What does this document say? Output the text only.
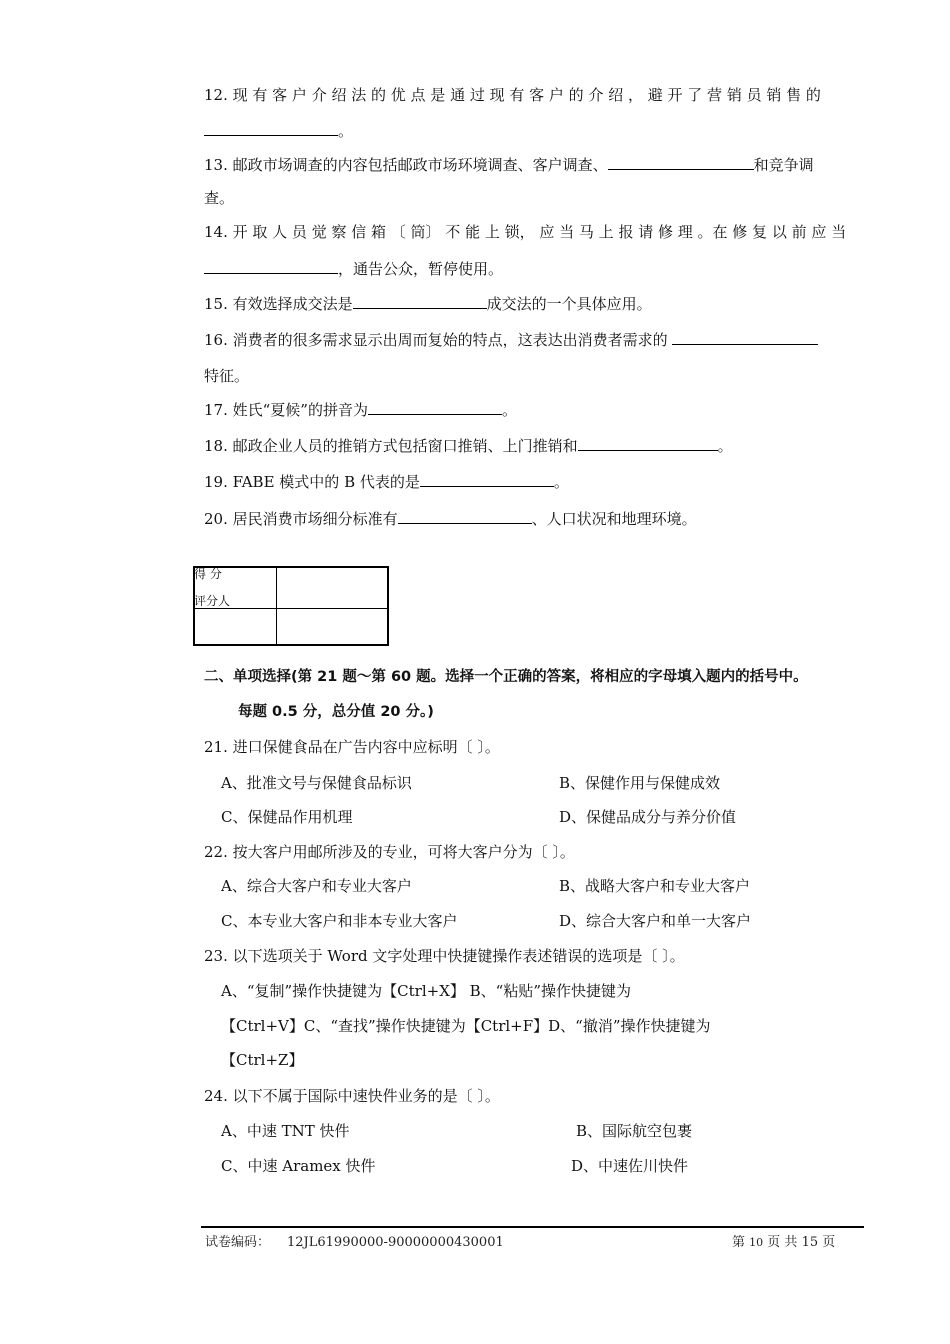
12. 现 有 客 户 介 绍 法 的 优 点 是 通 过 现 有 客 户 的 介 绍 ， 避 开 了 营 销 员 销 售 的
。
13. 邮政市场调查的内容包括邮政市场环境调查、客户调查、	和竞争调
查。
14. 开 取 人 员 觉 察 信 箱 〔 筒〕 不 能 上 锁， 应 当 马 上 报 请 修 理 。在 修 复 以 前 应 当
，通告公众，暂停使用。
15. 有效选择成交法是	成交法的一个具体应用。
16. 消费者的很多需求显示出周而复始的特点，这表达出消费者需求的
特征。
17. 姓氏“夏候”的拼音为	。
18. 邮政企业人员的推销方式包括窗口推销、上门推销和	。
19. FABE 模式中的 B 代表的是	。
20. 居民消费市场细分标准有	、人口状况和地理环境。
得 分
评分人
二、单项选择(第 21 题～第 60 题。选择一个正确的答案，将相应的字母填入题内的括号中。
每题 0.5 分，总分值 20 分。)
21. 进口保健食品在广告内容中应标明〔 〕。
A、批准文号与保健食品标识	B、保健作用与保健成效
C、保健品作用机理	D、保健品成分与养分价值
22. 按大客户用邮所涉及的专业，可将大客户分为〔 〕。
A、综合大客户和专业大客户	B、战略大客户和专业大客户
C、本专业大客户和非本专业大客户	D、综合大客户和单一大客户
23. 以下选项关于 Word 文字处理中快捷键操作表述错误的选项是〔 〕。
A、“复制”操作快捷键为【Ctrl+X】 B、“粘贴”操作快捷键为
【Ctrl+V】C、“查找”操作快捷键为【Ctrl+F】D、“撤消”操作快捷键为
【Ctrl+Z】
24. 以下不属于国际中速快件业务的是〔 〕。
A、中速 TNT 快件	B、国际航空包裹
C、中速 Aramex 快件	D、中速佐川快件
试卷编码： 12JL61990000-90000000430001	第 10 页 共 15 页
